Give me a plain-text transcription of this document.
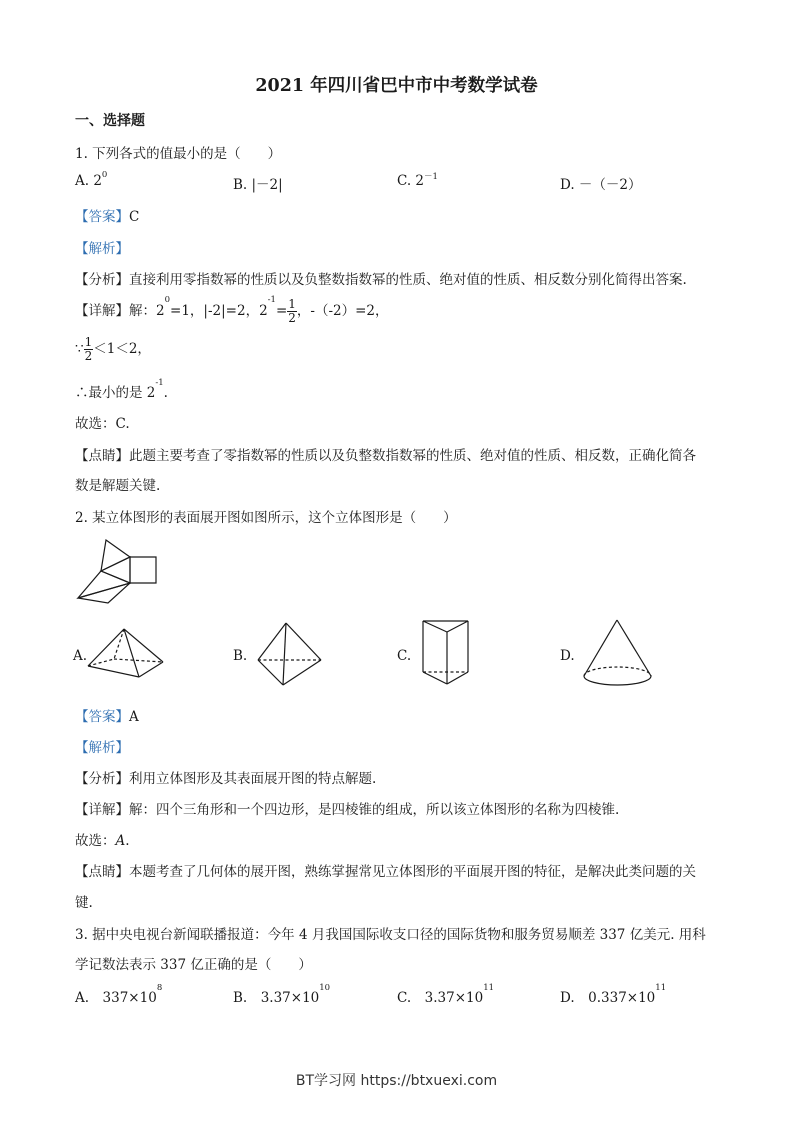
2021 年四川省巴中市中考数学试卷
一、选择题
1. 下列各式的值最小的是（　　）
A. $2^0$
B. |－2|	C. $2^{-1}$	D. －（－2）
【答案】C
【解析】
【分析】直接利用零指数幂的性质以及负整数指数幂的性质、绝对值的性质、相反数分别化简得出答案.
【详解】解：$2^0=1$，|-2|=2，$2^{-1}= \frac{1}{2}$ ，-（-2）=2，
∵ $\frac{1}{2} <1<2$，
∴最小的是 $2^{-1}$.
故选：C.
【点睛】此题主要考查了零指数幂的性质以及负整数指数幂的性质、绝对值的性质、相反数，正确化简各
数是解题关键.
2. 某立体图形的表面展开图如图所示，这个立体图形是（　　）
A.	B.	C.	D.
【答案】A
【解析】
【分析】利用立体图形及其表面展开图的特点解题.
【详解】解：四个三角形和一个四边形，是四棱锥的组成，所以该立体图形的名称为四棱锥.
故选：A.
【点睛】本题考查了几何体的展开图，熟练掌握常见立体图形的平面展开图的特征，是解决此类问题的关
键.
3. 据中央电视台新闻联播报道：今年 4 月我国国际收支口径的国际货物和服务贸易顺差 337 亿美元. 用科
学记数法表示 337 亿正确的是（　　）
A.　$337\times 10^8$
B.　$3.37\times 10^{10}$
C.　$3.37\times 10^{11}$
D.　$0.337\times 10^{11}$
BT学习网 https://btxuexi.com
